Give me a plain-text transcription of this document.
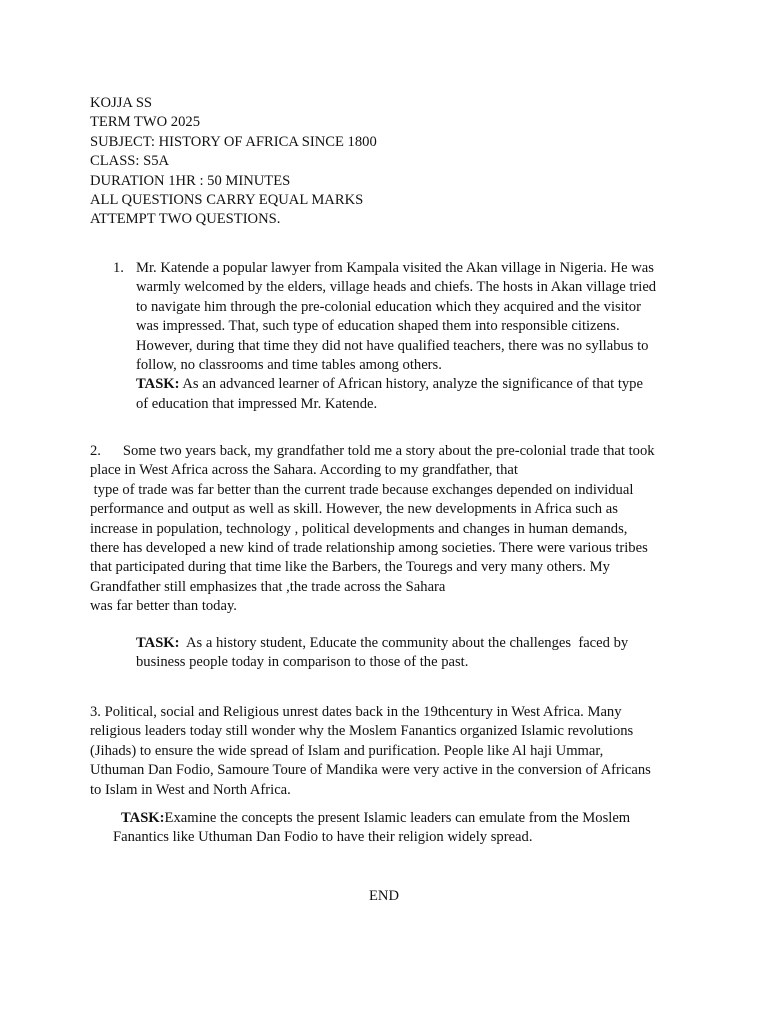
KOJJA SS
TERM TWO 2025
SUBJECT: HISTORY OF AFRICA SINCE 1800
CLASS: S5A
DURATION 1HR : 50 MINUTES
ALL QUESTIONS CARRY EQUAL MARKS
ATTEMPT TWO QUESTIONS.
1. Mr. Katende a popular lawyer from Kampala visited the Akan village in Nigeria. He was
warmly welcomed by the elders, village heads and chiefs. The hosts in Akan village tried
to navigate him through the pre-colonial education which they acquired and the visitor
was impressed. That, such type of education shaped them into responsible citizens.
However, during that time they did not have qualified teachers, there was no syllabus to
follow, no classrooms and time tables among others.
TASK: As an advanced learner of African history, analyze the significance of that type
of education that impressed Mr. Katende.
2.      Some two years back, my grandfather told me a story about the pre-colonial trade that took
place in West Africa across the Sahara. According to my grandfather, that
type of trade was far better than the current trade because exchanges depended on individual
performance and output as well as skill. However, the new developments in Africa such as
increase in population, technology , political developments and changes in human demands,
there has developed a new kind of trade relationship among societies. There were various tribes
that participated during that time like the Barbers, the Touregs and very many others. My
Grandfather still emphasizes that ,the trade across the Sahara
was far better than today.
TASK:  As a history student, Educate the community about the challenges  faced by
business people today in comparison to those of the past.
3. Political, social and Religious unrest dates back in the 19thcentury in West Africa. Many
religious leaders today still wonder why the Moslem Fanantics organized Islamic revolutions
(Jihads) to ensure the wide spread of Islam and purification. People like Al haji Ummar,
Uthuman Dan Fodio, Samoure Toure of Mandika were very active in the conversion of Africans
to Islam in West and North Africa.
TASK:Examine the concepts the present Islamic leaders can emulate from the Moslem
Fanantics like Uthuman Dan Fodio to have their religion widely spread.
END
